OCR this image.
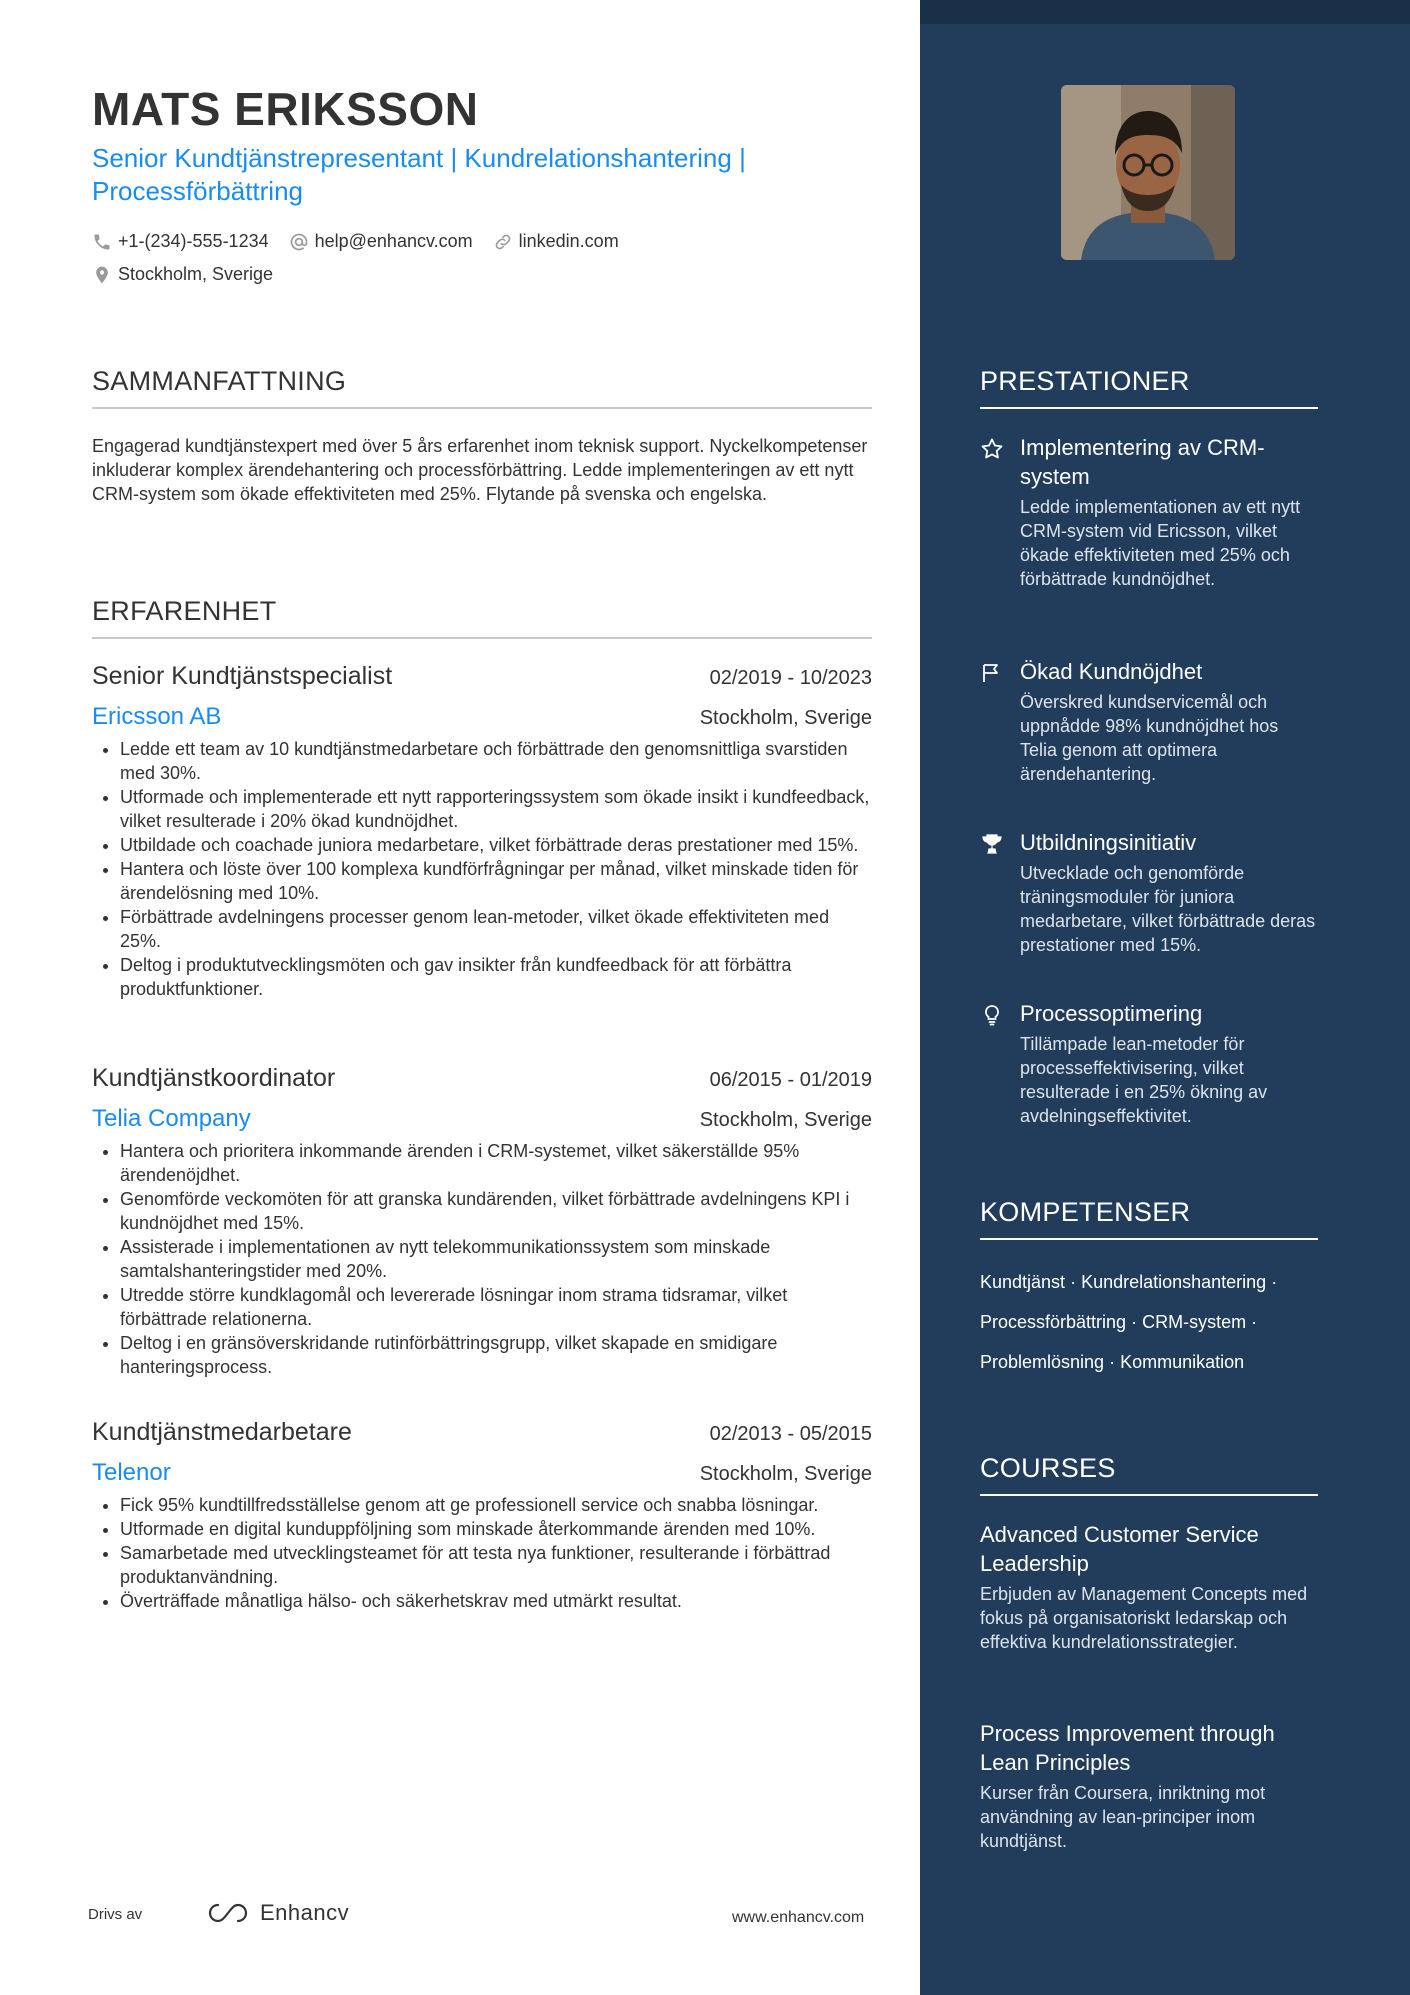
MATS ERIKSSON
Senior Kundtjänstrepresentant | Kundrelationshantering | Processförbättring
+1-(234)-555-1234	help@enhancv.com	linkedin.com
Stockholm, Sverige
SAMMANFATTNING

Engagerad kundtjänstexpert med över 5 års erfarenhet inom teknisk support. Nyckelkompetenser inkluderar komplex ärendehantering och processförbättring. Ledde implementeringen av ett nytt CRM-system som ökade effektiviteten med 25%. Flytande på svenska och engelska.

ERFARENHET
Senior Kundtjänstspecialist	02/2019 - 10/2023
Ericsson AB	Stockholm, Sverige
• Ledde ett team av 10 kundtjänstmedarbetare och förbättrade den genomsnittliga svarstiden med 30%.
• Utformade och implementerade ett nytt rapporteringssystem som ökade insikt i kundfeedback, vilket resulterade i 20% ökad kundnöjdhet.
• Utbildade och coachade juniora medarbetare, vilket förbättrade deras prestationer med 15%.
• Hantera och löste över 100 komplexa kundförfrågningar per månad, vilket minskade tiden för ärendelösning med 10%.
• Förbättrade avdelningens processer genom lean-metoder, vilket ökade effektiviteten med 25%.
• Deltog i produktutvecklingsmöten och gav insikter från kundfeedback för att förbättra produktfunktioner.
Kundtjänstkoordinator	06/2015 - 01/2019
Telia Company	Stockholm, Sverige
• Hantera och prioritera inkommande ärenden i CRM-systemet, vilket säkerställde 95% ärendenöjdhet.
• Genomförde veckomöten för att granska kundärenden, vilket förbättrade avdelningens KPI i kundnöjdhet med 15%.
• Assisterade i implementationen av nytt telekommunikationssystem som minskade samtalshanteringstider med 20%.
• Utredde större kundklagomål och levererade lösningar inom strama tidsramar, vilket förbättrade relationerna.
• Deltog i en gränsöverskridande rutinförbättringsgrupp, vilket skapade en smidigare hanteringsprocess.
Kundtjänstmedarbetare	02/2013 - 05/2015
Telenor	Stockholm, Sverige
• Fick 95% kundtillfredsställelse genom att ge professionell service och snabba lösningar.
• Utformade en digital kunduppföljning som minskade återkommande ärenden med 10%.
• Samarbetade med utvecklingsteamet för att testa nya funktioner, resulterande i förbättrad produktanvändning.
• Överträffade månatliga hälso- och säkerhetskrav med utmärkt resultat.
Drivs av	Enhancv	www.enhancv.com
PRESTATIONER
Implementering av CRM-system
Ledde implementationen av ett nytt CRM-system vid Ericsson, vilket ökade effektiviteten med 25% och förbättrade kundnöjdhet.
Ökad Kundnöjdhet
Överskred kundservicemål och uppnådde 98% kundnöjdhet hos Telia genom att optimera ärendehantering.
Utbildningsinitiativ
Utvecklade och genomförde träningsmoduler för juniora medarbetare, vilket förbättrade deras prestationer med 15%.
Processoptimering
Tillämpade lean-metoder för processeffektivisering, vilket resulterade i en 25% ökning av avdelningseffektivitet.
KOMPETENSER
Kundtjänst · Kundrelationshantering · Processförbättring · CRM-system · Problemlösning · Kommunikation
COURSES
Advanced Customer Service Leadership
Erbjuden av Management Concepts med fokus på organisatoriskt ledarskap och effektiva kundrelationsstrategier.
Process Improvement through Lean Principles
Kurser från Coursera, inriktning mot användning av lean-principer inom kundtjänst.
